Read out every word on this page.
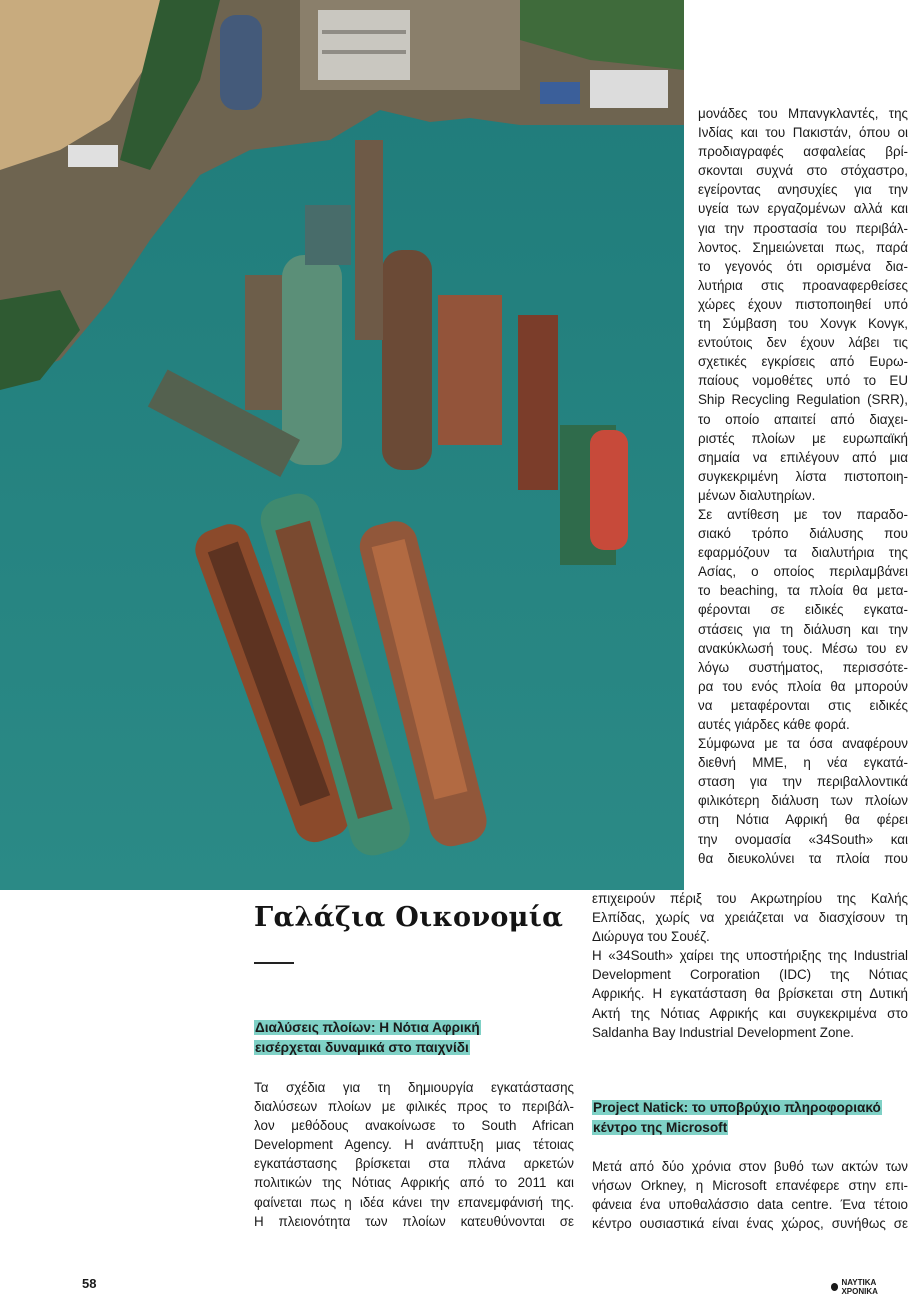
μονάδες του Μπανγκλαντές, της

Ινδίας και του Πακιστάν, όπου οι

προδιαγραφές ασφαλείας βρί-

σκονται συχνά στο στόχαστρο,

εγείροντας ανησυχίες για την

υγεία των εργαζομένων αλλά και

για την προστασία του περιβάλ-

λοντος. Σημειώνεται πως, παρά

το γεγονός ότι ορισμένα δια-

λυτήρια στις προαναφερθείσες

χώρες έχουν πιστοποιηθεί υπό

τη Σύμβαση του Χονγκ Κονγκ,

εντούτοις δεν έχουν λάβει τις

σχετικές εγκρίσεις από Ευρω-

παίους νομοθέτες υπό το EU

Ship Recycling Regulation (SRR),

το οποίο απαιτεί από διαχει-

ριστές πλοίων με ευρωπαϊκή

σημαία να επιλέγουν από μια

συγκεκριμένη λίστα πιστοποιη-

μένων διαλυτηρίων.

Σε αντίθεση με τον παραδο-

σιακό τρόπο διάλυσης που

εφαρμόζουν τα διαλυτήρια της

Ασίας, ο οποίος περιλαμβάνει

το beaching, τα πλοία θα μετα-

φέρονται σε ειδικές εγκατα-

στάσεις για τη διάλυση και την

ανακύκλωσή τους. Μέσω του εν

λόγω συστήματος, περισσότε-

ρα του ενός πλοία θα μπορούν

να μεταφέρονται στις ειδικές

αυτές γιάρδες κάθε φορά.

Σύμφωνα με τα όσα αναφέρουν

διεθνή ΜΜΕ, η νέα εγκατά-

σταση για την περιβαλλοντικά

φιλικότερη διάλυση των πλοίων

στη Νότια Αφρική θα φέρει

την ονομασία «34South» και

θα διευκολύνει τα πλοία που

επιχειρούν πέριξ του Ακρωτηρίου της Καλής

Ελπίδας, χωρίς να χρειάζεται να διασχίσουν τη

Διώρυγα του Σουέζ.

Η «34South» χαίρει της υποστήριξης της Industrial

Development Corporation (IDC) της Νότιας

Αφρικής. Η εγκατάσταση θα βρίσκεται στη Δυτική

Ακτή της Νότιας Αφρικής και συγκεκριμένα στο

Saldanha Bay Industrial Development Zone.

Γαλάζια Οικονομία
Διαλύσεις πλοίων: Η Νότια Αφρική
εισέρχεται δυναμικά στο παιχνίδι

Τα σχέδια για τη δημιουργία εγκατάστασης

διαλύσεων πλοίων με φιλικές προς το περιβάλ-

λον μεθόδους ανακοίνωσε το South African

Development Agency. Η ανάπτυξη μιας τέτοιας

εγκατάστασης βρίσκεται στα πλάνα αρκετών

πολιτικών της Νότιας Αφρικής από το 2011 και

φαίνεται πως η ιδέα κάνει την επανεμφάνισή της.

Η πλειονότητα των πλοίων κατευθύνονται σε

Project Natick: το υποβρύχιο πληροφοριακό
κέντρο της Microsoft

Μετά από δύο χρόνια στον βυθό των ακτών των

νήσων Orkney, η Microsoft επανέφερε στην επι-

φάνεια ένα υποθαλάσσιο data centre. Ένα τέτοιο

κέντρο ουσιαστικά είναι ένας χώρος, συνήθως σε

58	ΝΑΥΤΙΚΑ ΧΡΟΝΙΚΑ
